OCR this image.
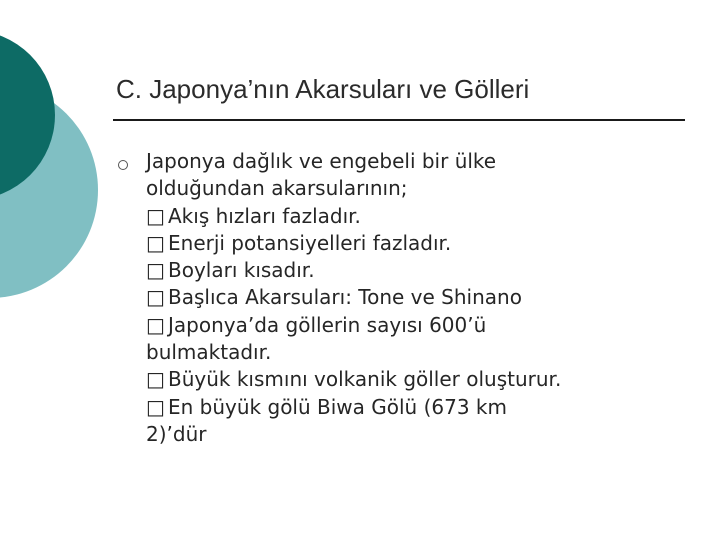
C. Japonya’nın Akarsuları ve Gölleri
Japonya dağlık ve engebeli bir ülke
olduğundan akarsularının;
□ Akış hızları fazladır.
□ Enerji potansiyelleri fazladır.
□ Boyları kısadır.
□ Başlıca Akarsuları: Tone ve Shinano
□ Japonya’da göllerin sayısı 600’ü
bulmaktadır.
□ Büyük kısmını volkanik göller oluşturur.
□ En büyük gölü Biwa Gölü (673 km
2)’dür
